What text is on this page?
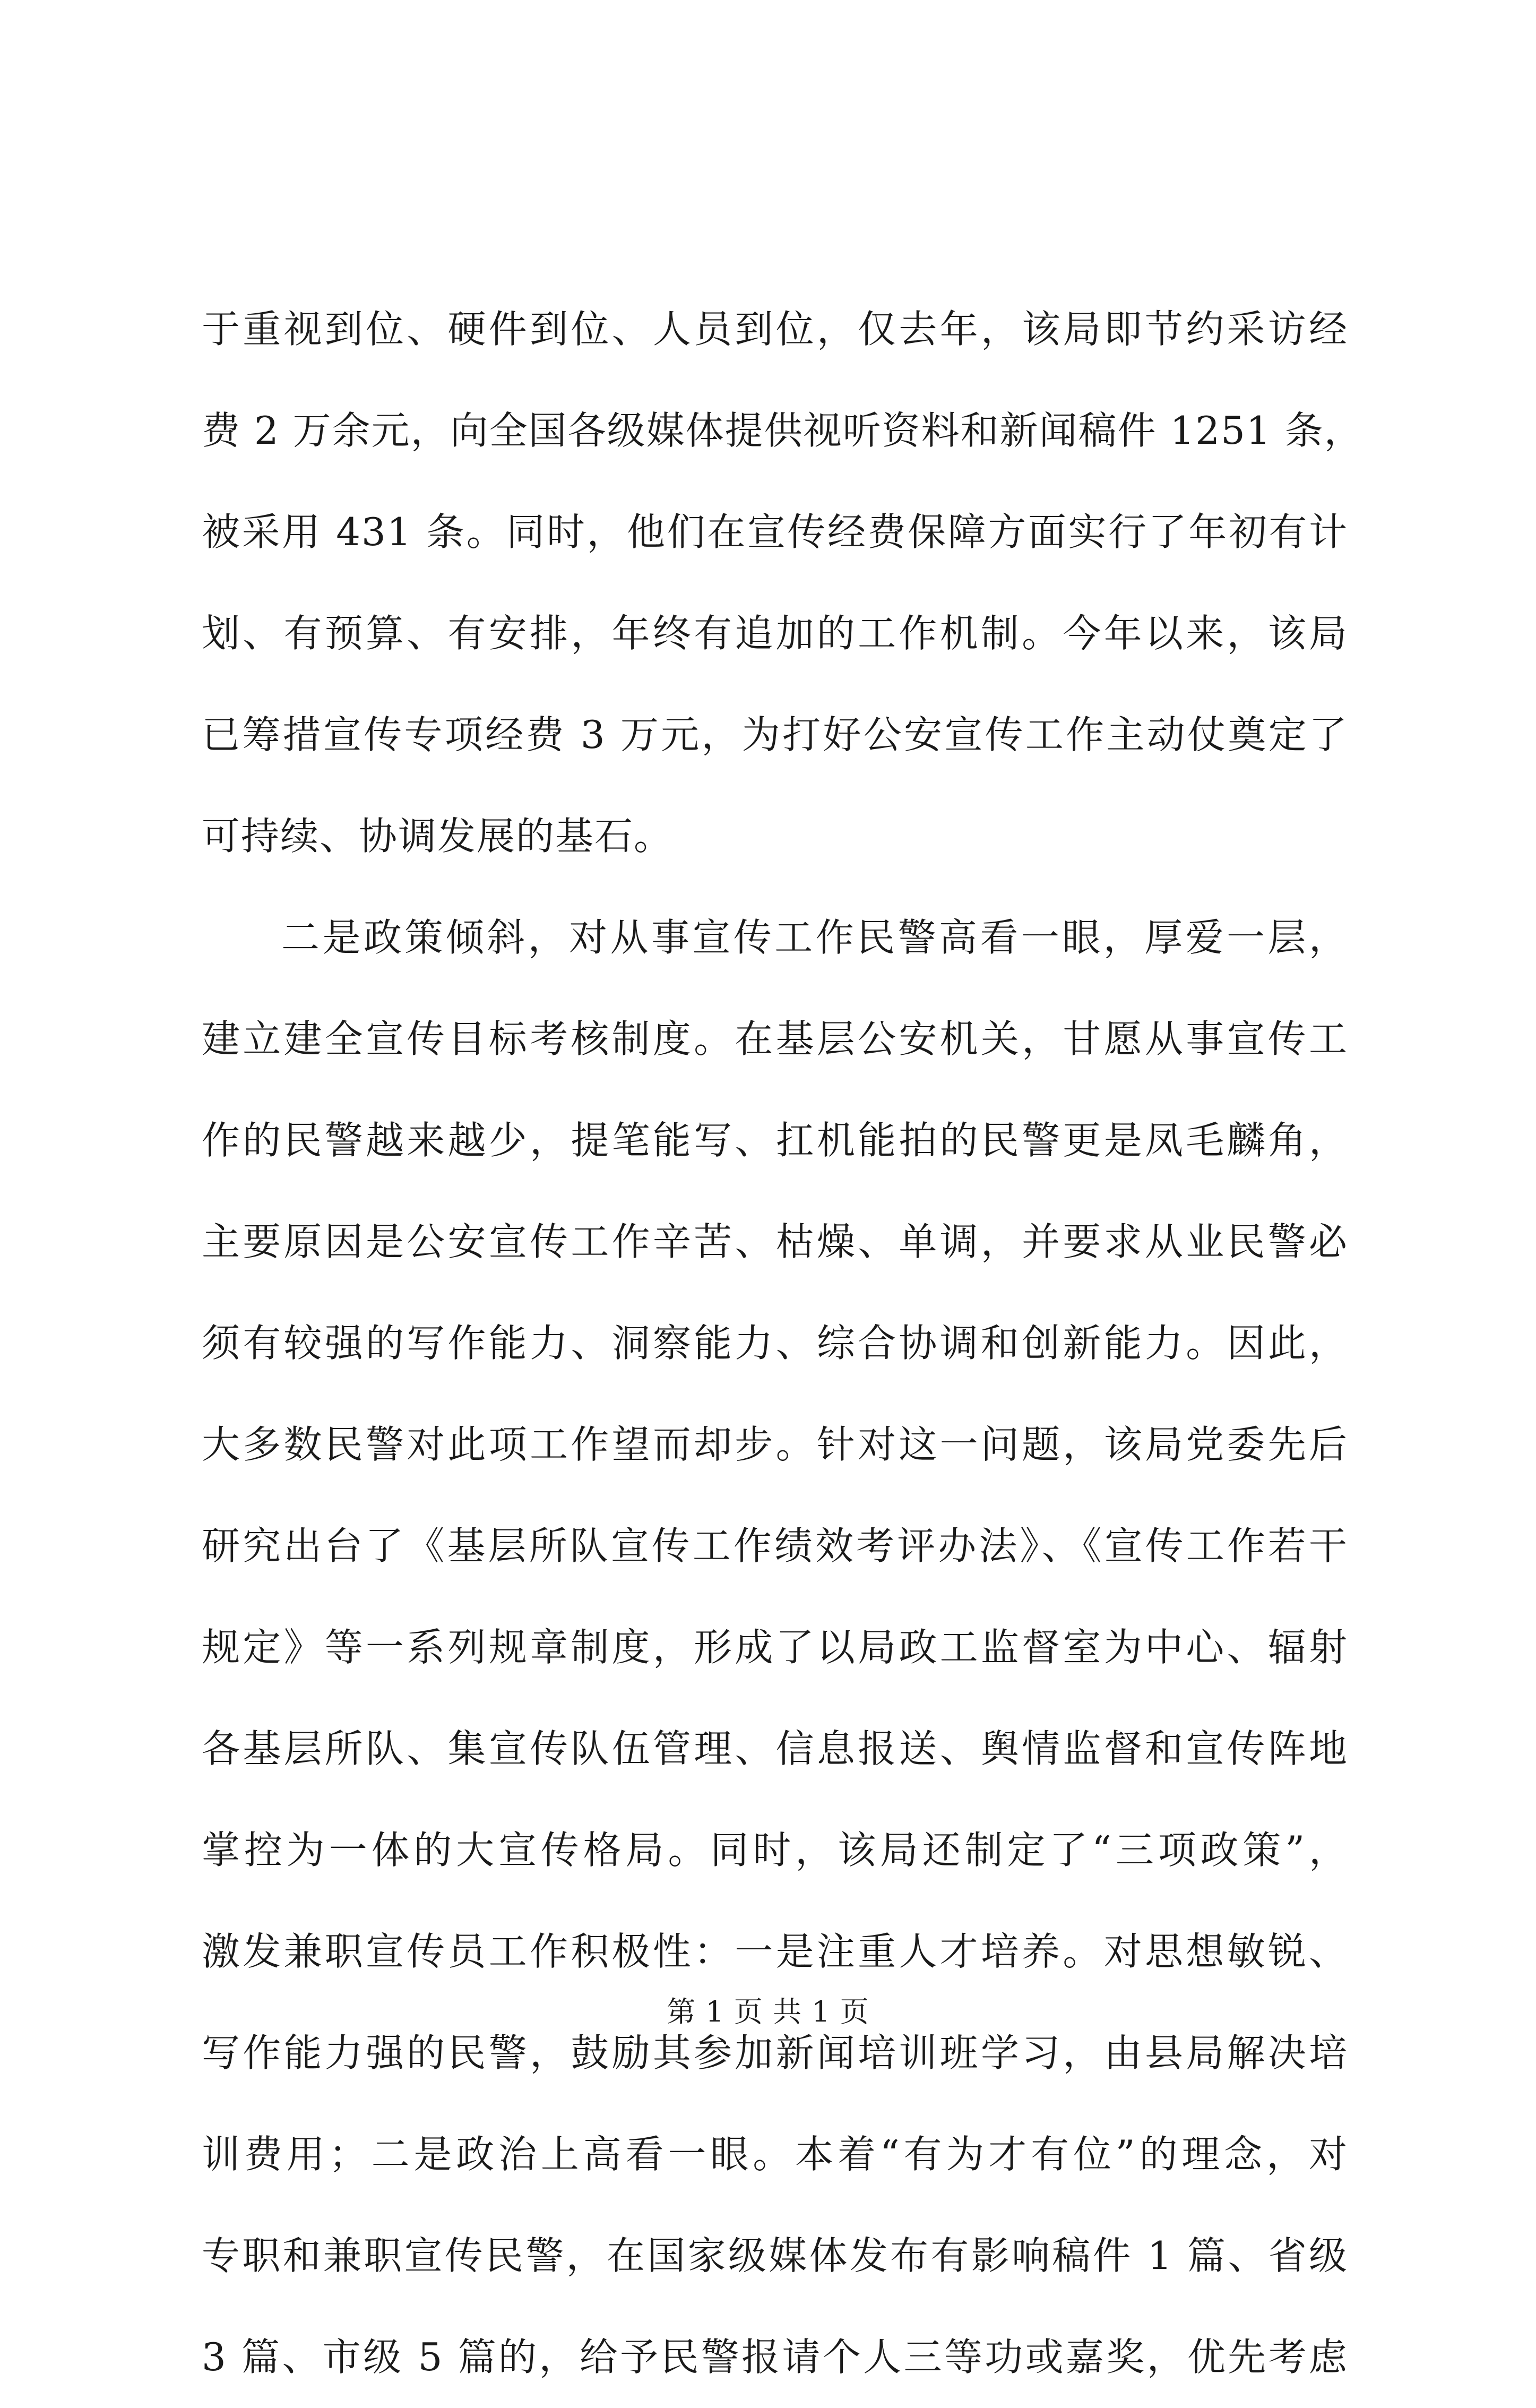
于重视到位、硬件到位、人员到位，仅去年，该局即节约采访经
费 2 万余元，向全国各级媒体提供视听资料和新闻稿件 1251 条，
被采用 431 条。同时，他们在宣传经费保障方面实行了年初有计
划、有预算、有安排，年终有追加的工作机制。今年以来，该局
已筹措宣传专项经费 3 万元，为打好公安宣传工作主动仗奠定了
可持续、协调发展的基石。
二是政策倾斜，对从事宣传工作民警高看一眼，厚爱一层，
建立建全宣传目标考核制度。在基层公安机关，甘愿从事宣传工
作的民警越来越少，提笔能写、扛机能拍的民警更是凤毛麟角，
主要原因是公安宣传工作辛苦、枯燥、单调，并要求从业民警必
须有较强的写作能力、洞察能力、综合协调和创新能力。因此，
大多数民警对此项工作望而却步。针对这一问题，该局党委先后
研究出台了《基层所队宣传工作绩效考评办法》、《宣传工作若干
规定》等一系列规章制度，形成了以局政工监督室为中心、辐射
各基层所队、集宣传队伍管理、信息报送、舆情监督和宣传阵地
掌控为一体的大宣传格局。同时，该局还制定了“三项政策”，
激发兼职宣传员工作积极性：一是注重人才培养。对思想敏锐、
写作能力强的民警，鼓励其参加新闻培训班学习，由县局解决培
训费用；二是政治上高看一眼。本着“有为才有位”的理念，对
专职和兼职宣传民警，在国家级媒体发布有影响稿件 1 篇、省级
3 篇、市级 5 篇的，给予民警报请个人三等功或嘉奖，优先考虑
第 1 页 共 1 页
